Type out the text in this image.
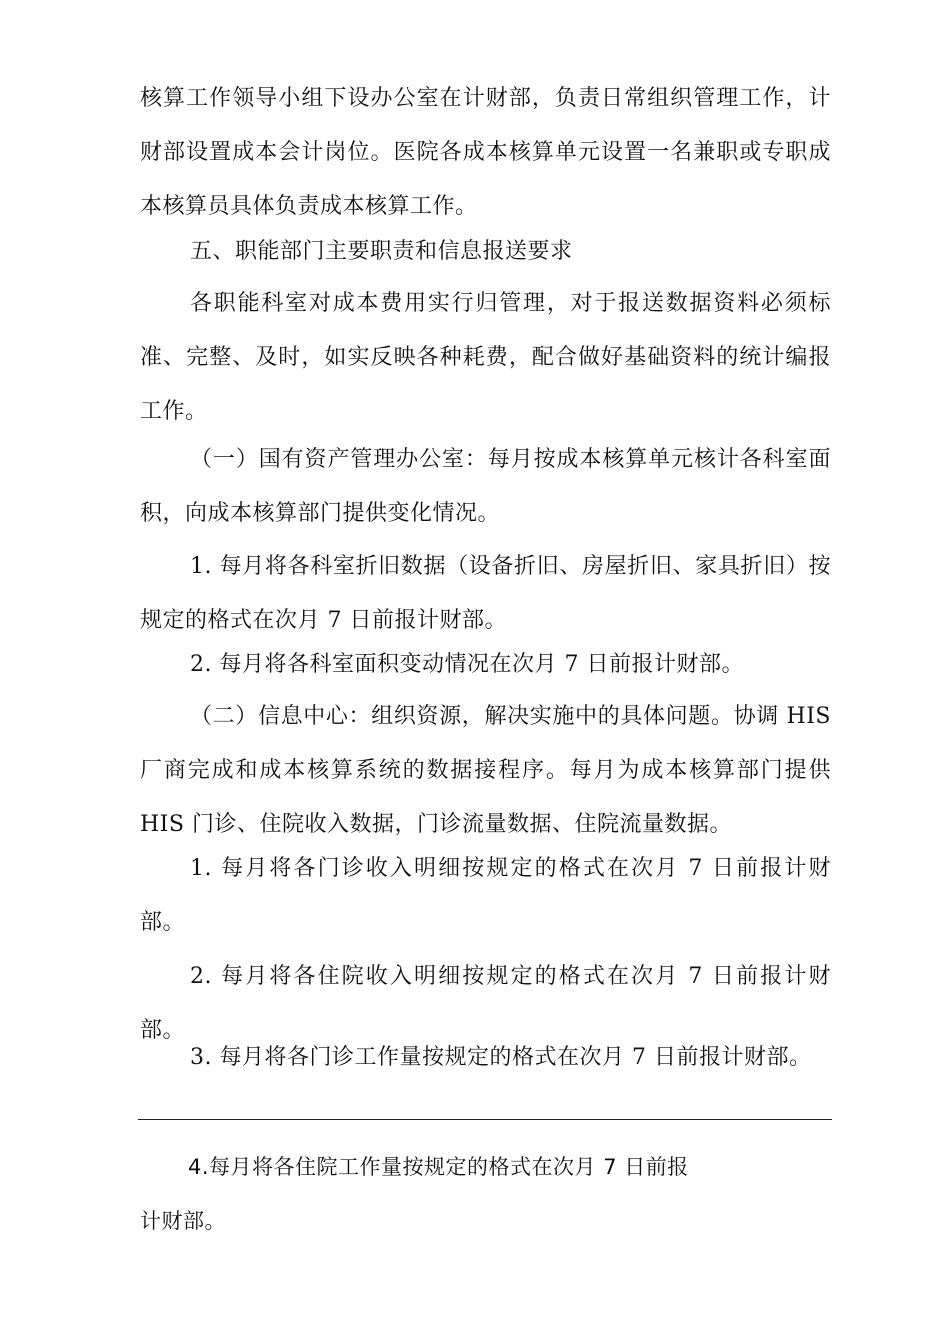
核算工作领导小组下设办公室在计财部，负责日常组织管理工作，计财部设置成本会计岗位。医院各成本核算单元设置一名兼职或专职成本核算员具体负责成本核算工作。

五、职能部门主要职责和信息报送要求

各职能科室对成本费用实行归管理，对于报送数据资料必须标准、完整、及时，如实反映各种耗费，配合做好基础资料的统计编报工作。

（一）国有资产管理办公室：每月按成本核算单元核计各科室面积，向成本核算部门提供变化情况。

1. 每月将各科室折旧数据（设备折旧、房屋折旧、家具折旧）按规定的格式在次月 7 日前报计财部。

2. 每月将各科室面积变动情况在次月 7 日前报计财部。

（二）信息中心：组织资源，解决实施中的具体问题。协调 HIS 厂商完成和成本核算系统的数据接程序。每月为成本核算部门提供 HIS 门诊、住院收入数据，门诊流量数据、住院流量数据。

1. 每月将各门诊收入明细按规定的格式在次月 7 日前报计财部。

2. 每月将各住院收入明细按规定的格式在次月 7 日前报计财部。

3. 每月将各门诊工作量按规定的格式在次月 7 日前报计财部。

4.每月将各住院工作量按规定的格式在次月 7 日前报

计财部。
